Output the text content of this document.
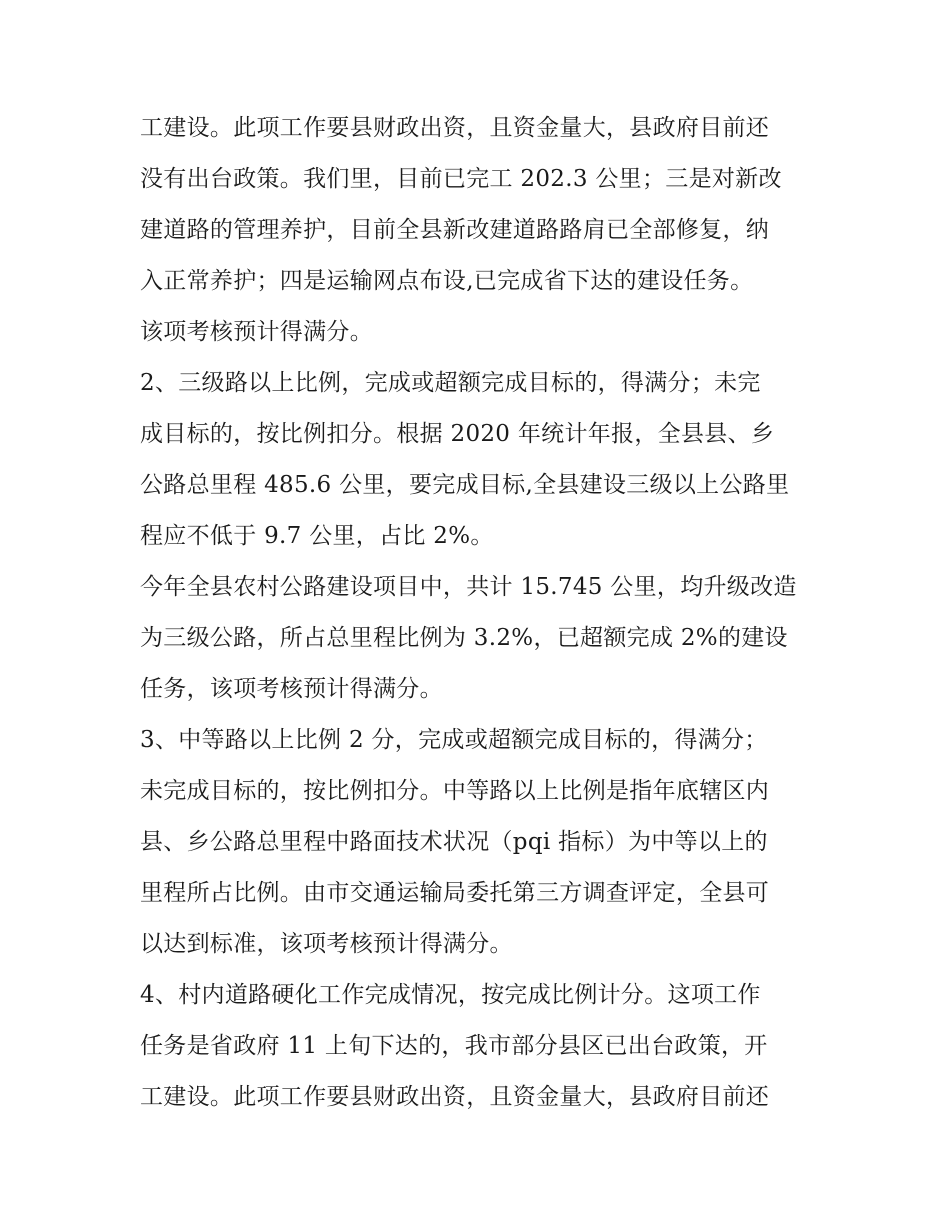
工建设。此项工作要县财政出资，且资金量大，县政府目前还
没有出台政策。我们里，目前已完工 202.3 公里；三是对新改
建道路的管理养护，目前全县新改建道路路肩已全部修复，纳
入正常养护；四是运输网点布设,已完成省下达的建设任务。
该项考核预计得满分。
2、三级路以上比例，完成或超额完成目标的，得满分；未完
成目标的，按比例扣分。根据 2020 年统计年报，全县县、乡
公路总里程 485.6 公里，要完成目标,全县建设三级以上公路里
程应不低于 9.7 公里，占比 2%。
今年全县农村公路建设项目中，共计 15.745 公里，均升级改造
为三级公路，所占总里程比例为 3.2%，已超额完成 2%的建设
任务，该项考核预计得满分。
3、中等路以上比例 2 分，完成或超额完成目标的，得满分；
未完成目标的，按比例扣分。中等路以上比例是指年底辖区内
县、乡公路总里程中路面技术状况（pqi 指标）为中等以上的
里程所占比例。由市交通运输局委托第三方调查评定，全县可
以达到标准，该项考核预计得满分。
4、村内道路硬化工作完成情况，按完成比例计分。这项工作
任务是省政府 11 上旬下达的，我市部分县区已出台政策，开
工建设。此项工作要县财政出资，且资金量大，县政府目前还
